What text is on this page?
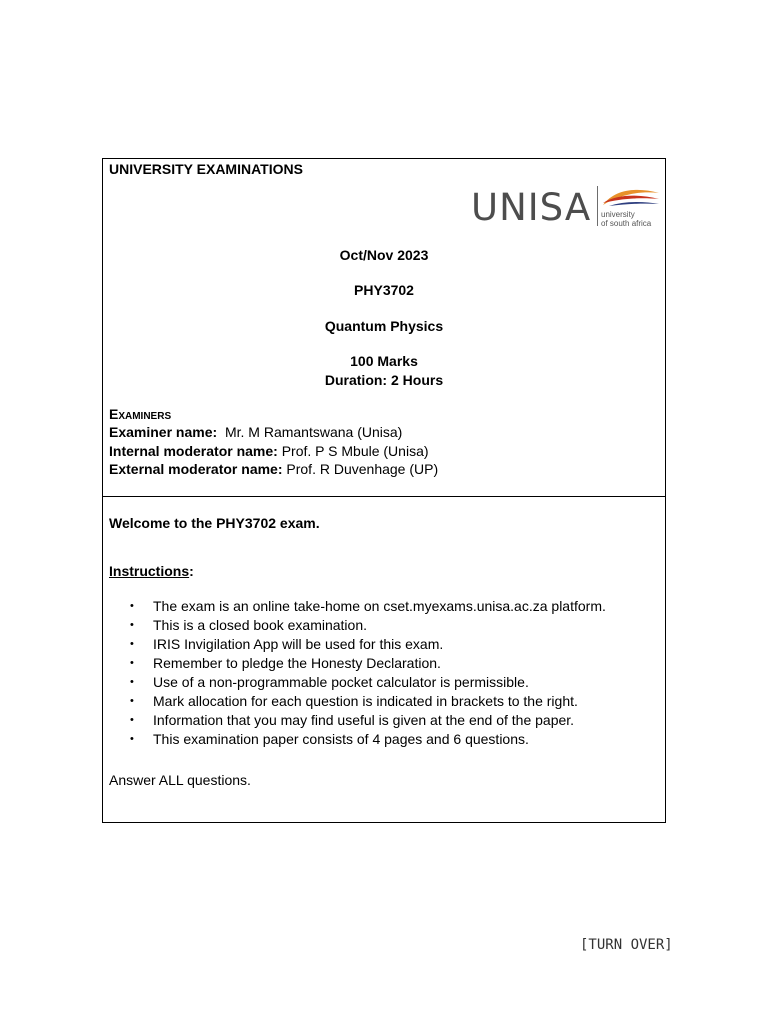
UNIVERSITY EXAMINATIONS
UNISA university
of south africa
Oct/Nov 2023
PHY3702
Quantum Physics
100 Marks
Duration: 2 Hours
Examiners
Examiner name: Mr. M Ramantswana (Unisa)
Internal moderator name: Prof. P S Mbule (Unisa)
External moderator name: Prof. R Duvenhage (UP)
Welcome to the PHY3702 exam.
Instructions:
• The exam is an online take-home on cset.myexams.unisa.ac.za platform.
• This is a closed book examination.
• IRIS Invigilation App will be used for this exam.
• Remember to pledge the Honesty Declaration.
• Use of a non-programmable pocket calculator is permissible.
• Mark allocation for each question is indicated in brackets to the right.
• Information that you may find useful is given at the end of the paper.
• This examination paper consists of 4 pages and 6 questions.
Answer ALL questions.
[TURN OVER]
